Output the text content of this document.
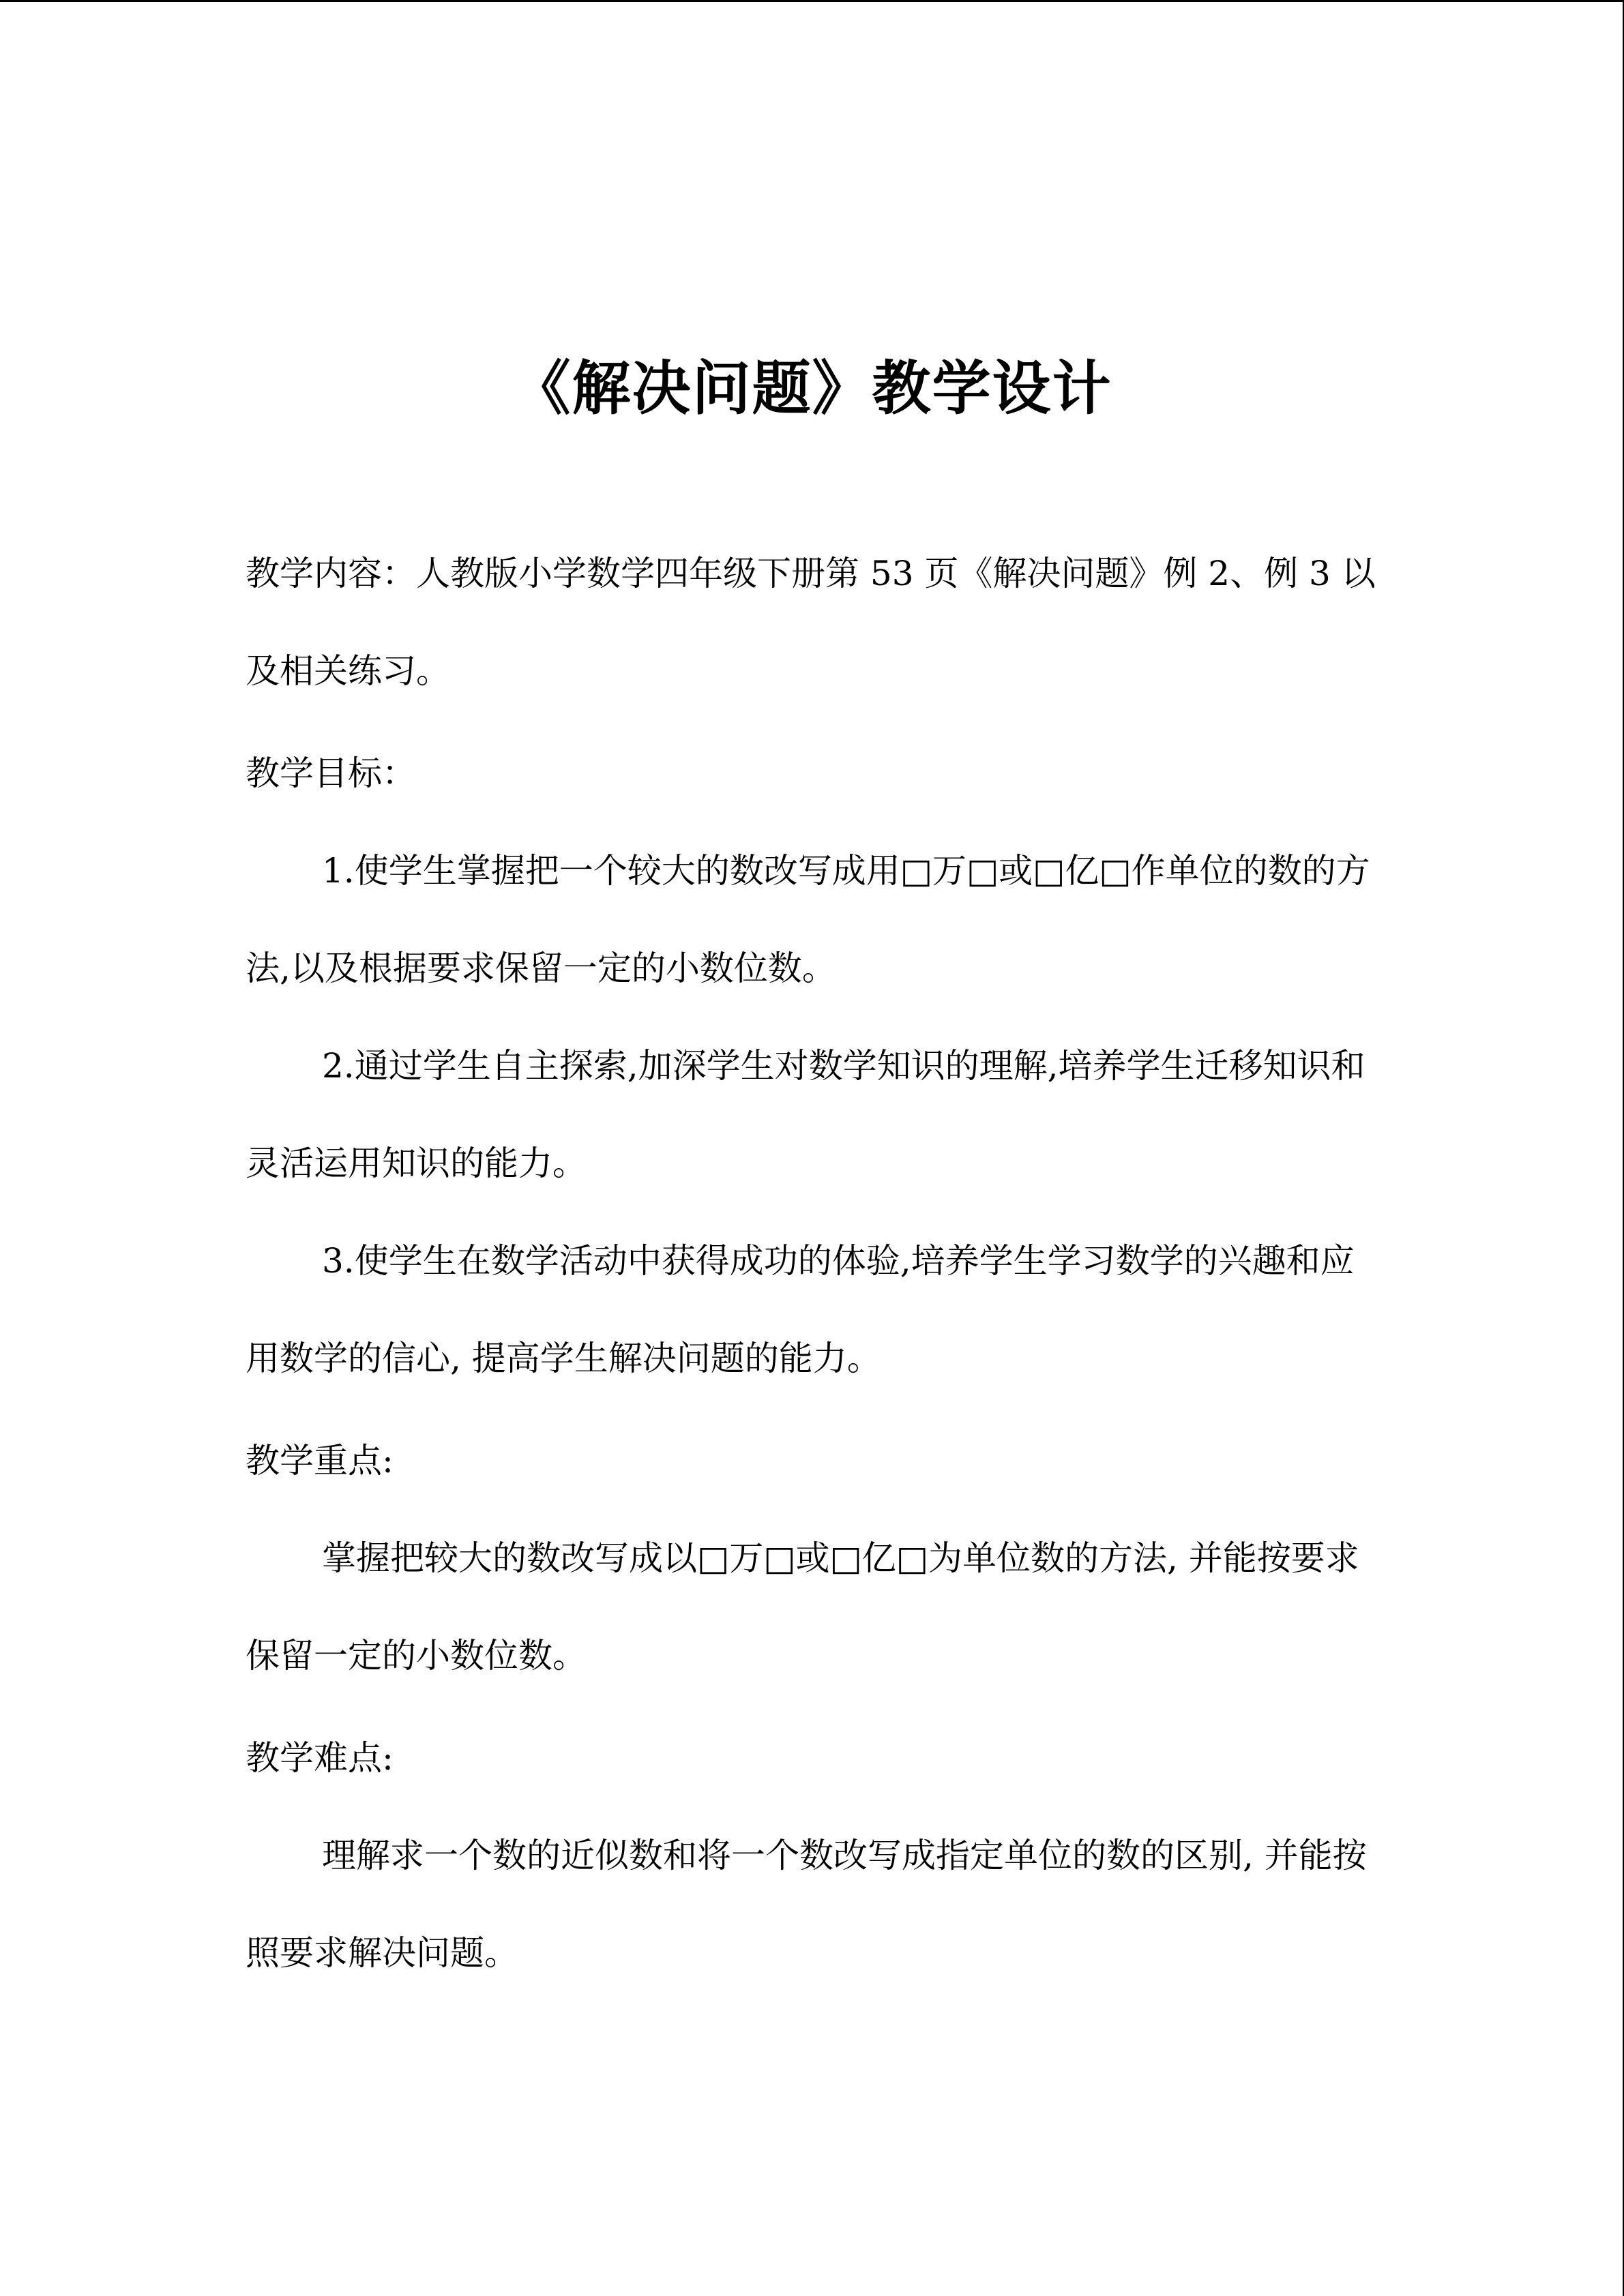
《解决问题》教学设计

教学内容：人教版小学数学四年级下册第 53 页《解决问题》例 2、例 3 以及相关练习。

教学目标：

1.使学生掌握把一个较大的数改写成用□万□或□亿□作单位的数的方法,以及根据要求保留一定的小数位数。

2.通过学生自主探索,加深学生对数学知识的理解,培养学生迁移知识和灵活运用知识的能力。

3.使学生在数学活动中获得成功的体验,培养学生学习数学的兴趣和应用数学的信心, 提高学生解决问题的能力。

教学重点:

掌握把较大的数改写成以□万□或□亿□为单位数的方法, 并能按要求保留一定的小数位数。

教学难点:

理解求一个数的近似数和将一个数改写成指定单位的数的区别, 并能按照要求解决问题。
